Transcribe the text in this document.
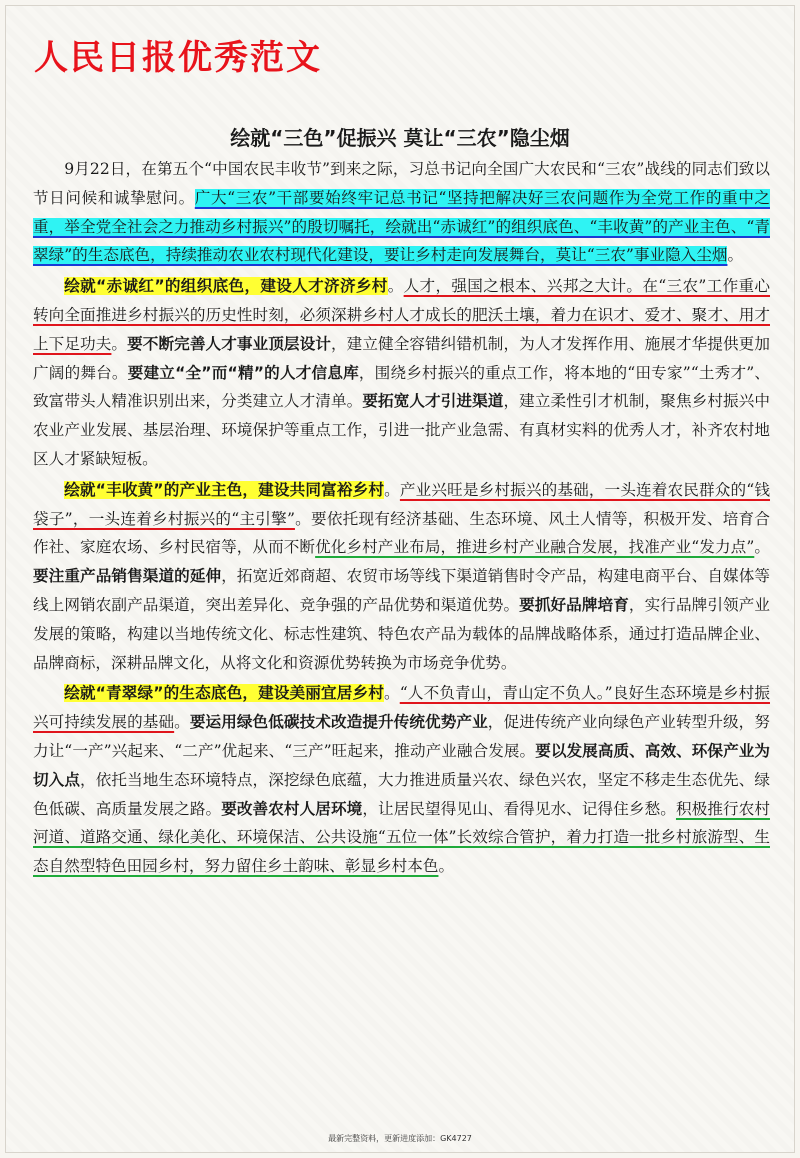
人民日报优秀范文
绘就“三色”促振兴 莫让“三农”隐尘烟

9月22日，在第五个“中国农民丰收节”到来之际，习总书记向全国广大农民和“三农”战线的同志们致以节日问候和诚挚慰问。广大“三农”干部要始终牢记总书记“坚持把解决好三农问题作为全党工作的重中之重，举全党全社会之力推动乡村振兴”的殷切嘱托，绘就出“赤诚红”的组织底色、“丰收黄”的产业主色、“青翠绿”的生态底色，持续推动农业农村现代化建设，要让乡村走向发展舞台，莫让“三农”事业隐入尘烟。

绘就“赤诚红”的组织底色，建设人才济济乡村。人才，强国之根本、兴邦之大计。在“三农”工作重心转向全面推进乡村振兴的历史性时刻，必须深耕乡村人才成长的肥沃土壤，着力在识才、爱才、聚才、用才上下足功夫。要不断完善人才事业顶层设计，建立健全容错纠错机制，为人才发挥作用、施展才华提供更加广阔的舞台。要建立“全”而“精”的人才信息库，围绕乡村振兴的重点工作，将本地的“田专家”“土秀才”、致富带头人精准识别出来，分类建立人才清单。要拓宽人才引进渠道，建立柔性引才机制，聚焦乡村振兴中农业产业发展、基层治理、环境保护等重点工作，引进一批产业急需、有真材实料的优秀人才，补齐农村地区人才紧缺短板。

绘就“丰收黄”的产业主色，建设共同富裕乡村。产业兴旺是乡村振兴的基础，一头连着农民群众的“钱袋子”，一头连着乡村振兴的“主引擎”。要依托现有经济基础、生态环境、风土人情等，积极开发、培育合作社、家庭农场、乡村民宿等，从而不断优化乡村产业布局，推进乡村产业融合发展，找准产业“发力点”。要注重产品销售渠道的延伸，拓宽近郊商超、农贸市场等线下渠道销售时令产品，构建电商平台、自媒体等线上网销农副产品渠道，突出差异化、竞争强的产品优势和渠道优势。要抓好品牌培育，实行品牌引领产业发展的策略，构建以当地传统文化、标志性建筑、特色农产品为载体的品牌战略体系，通过打造品牌企业、品牌商标，深耕品牌文化，从将文化和资源优势转换为市场竞争优势。

绘就“青翠绿”的生态底色，建设美丽宜居乡村。“人不负青山，青山定不负人。”良好生态环境是乡村振兴可持续发展的基础。要运用绿色低碳技术改造提升传统优势产业，促进传统产业向绿色产业转型升级，努力让“一产”兴起来、“二产”优起来、“三产”旺起来，推动产业融合发展。要以发展高质、高效、环保产业为切入点，依托当地生态环境特点，深挖绿色底蕴，大力推进质量兴农、绿色兴农，坚定不移走生态优先、绿色低碳、高质量发展之路。要改善农村人居环境，让居民望得见山、看得见水、记得住乡愁。积极推行农村河道、道路交通、绿化美化、环境保洁、公共设施“五位一体”长效综合管护，着力打造一批乡村旅游型、生态自然型特色田园乡村，努力留住乡土韵味、彰显乡村本色。

最新完整资料，更新进度添加：GK4727
